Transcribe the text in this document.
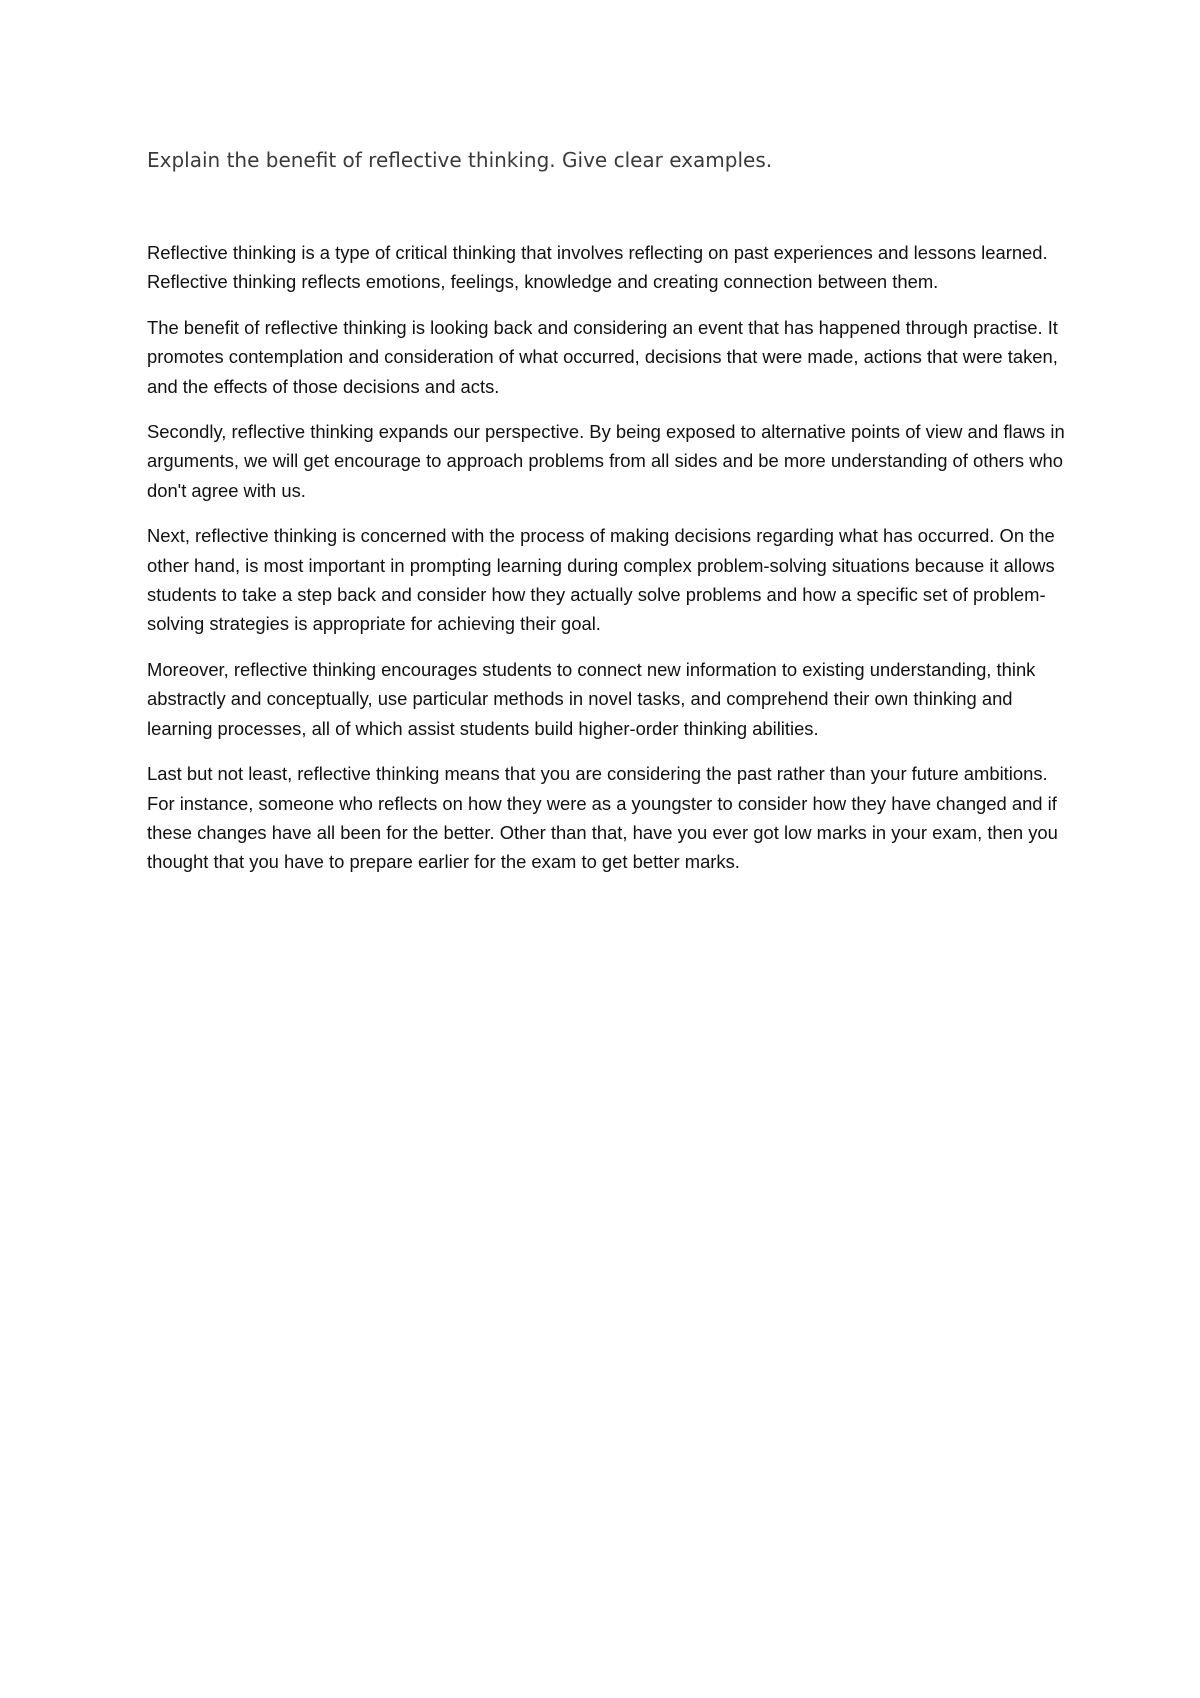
Explain the benefit of reflective thinking. Give clear examples.

Reflective thinking is a type of critical thinking that involves reflecting on past experiences and lessons learned. Reflective thinking reflects emotions, feelings, knowledge and creating connection between them.

The benefit of reflective thinking is looking back and considering an event that has happened through practise. It promotes contemplation and consideration of what occurred, decisions that were made, actions that were taken, and the effects of those decisions and acts.

Secondly, reflective thinking expands our perspective. By being exposed to alternative points of view and flaws in arguments, we will get encourage to approach problems from all sides and be more understanding of others who don't agree with us.

Next, reflective thinking is concerned with the process of making decisions regarding what has occurred. On the other hand, is most important in prompting learning during complex problem-solving situations because it allows students to take a step back and consider how they actually solve problems and how a specific set of problem-solving strategies is appropriate for achieving their goal.

Moreover, reflective thinking encourages students to connect new information to existing understanding, think abstractly and conceptually, use particular methods in novel tasks, and comprehend their own thinking and learning processes, all of which assist students build higher-order thinking abilities.

Last but not least, reflective thinking means that you are considering the past rather than your future ambitions. For instance, someone who reflects on how they were as a youngster to consider how they have changed and if these changes have all been for the better. Other than that, have you ever got low marks in your exam, then you thought that you have to prepare earlier for the exam to get better marks.
